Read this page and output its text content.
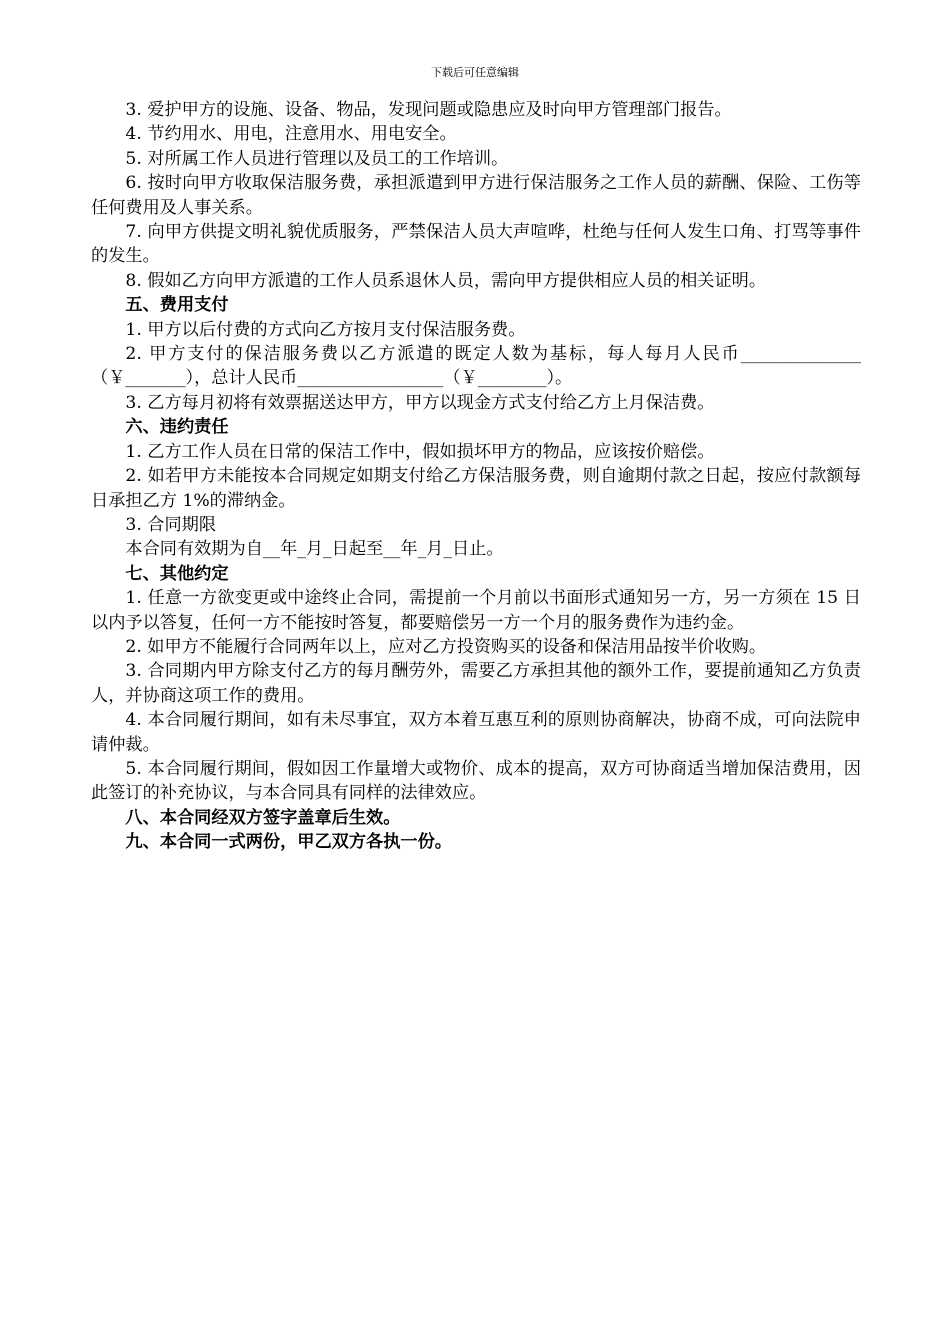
下载后可任意编辑

3. 爱护甲方的设施、设备、物品，发现问题或隐患应及时向甲方管理部门报告。

4. 节约用水、用电，注意用水、用电安全。

5. 对所属工作人员进行管理以及员工的工作培训。

6. 按时向甲方收取保洁服务费，承担派遣到甲方进行保洁服务之工作人员的薪酬、保险、工伤等任何费用及人事关系。

7. 向甲方供提文明礼貌优质服务，严禁保洁人员大声喧哗，杜绝与任何人发生口角、打骂等事件的发生。

8. 假如乙方向甲方派遣的工作人员系退休人员，需向甲方提供相应人员的相关证明。

五、费用支付

1. 甲方以后付费的方式向乙方按月支付保洁服务费。

2. 甲方支付的保洁服务费以乙方派遣的既定人数为基标，每人每月人民币______________（￥_______），总计人民币_________________（￥________）。

3. 乙方每月初将有效票据送达甲方，甲方以现金方式支付给乙方上月保洁费。

六、违约责任

1. 乙方工作人员在日常的保洁工作中，假如损坏甲方的物品，应该按价赔偿。

2. 如若甲方未能按本合同规定如期支付给乙方保洁服务费，则自逾期付款之日起，按应付款额每日承担乙方 1%的滞纳金。

3. 合同期限

本合同有效期为自__年_月_日起至__年_月_日止。

七、其他约定

1. 任意一方欲变更或中途终止合同，需提前一个月前以书面形式通知另一方，另一方须在 15 日以内予以答复，任何一方不能按时答复，都要赔偿另一方一个月的服务费作为违约金。

2. 如甲方不能履行合同两年以上，应对乙方投资购买的设备和保洁用品按半价收购。

3. 合同期内甲方除支付乙方的每月酬劳外，需要乙方承担其他的额外工作，要提前通知乙方负责人，并协商这项工作的费用。

4. 本合同履行期间，如有未尽事宜，双方本着互惠互利的原则协商解决，协商不成，可向法院申请仲裁。

5. 本合同履行期间，假如因工作量增大或物价、成本的提高，双方可协商适当增加保洁费用，因此签订的补充协议，与本合同具有同样的法律效应。

八、本合同经双方签字盖章后生效。

九、本合同一式两份，甲乙双方各执一份。
